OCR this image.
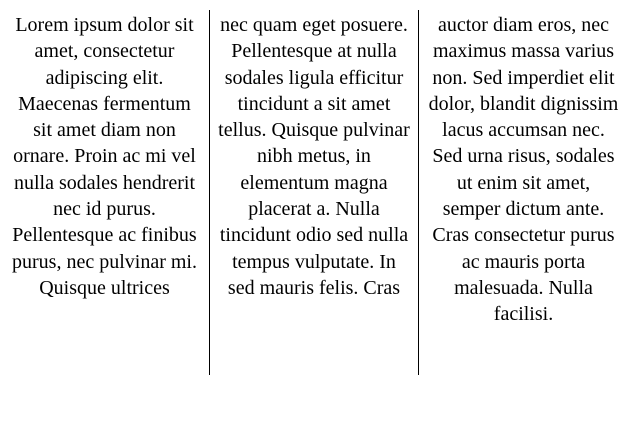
Lorem ipsum dolor sit amet, consectetur adipiscing elit. Maecenas fermentum sit amet diam non ornare. Proin ac mi vel nulla sodales hendrerit nec id purus. Pellentesque ac finibus purus, nec pulvinar mi. Quisque ultrices
nec quam eget posuere. Pellentesque at nulla sodales ligula efficitur tincidunt a sit amet tellus. Quisque pulvinar nibh metus, in elementum magna placerat a. Nulla tincidunt odio sed nulla tempus vulputate. In sed mauris felis. Cras
auctor diam eros, nec maximus massa varius non. Sed imperdiet elit dolor, blandit dignissim lacus accumsan nec. Sed urna risus, sodales ut enim sit amet, semper dictum ante. Cras consectetur purus ac mauris porta malesuada. Nulla facilisi.
